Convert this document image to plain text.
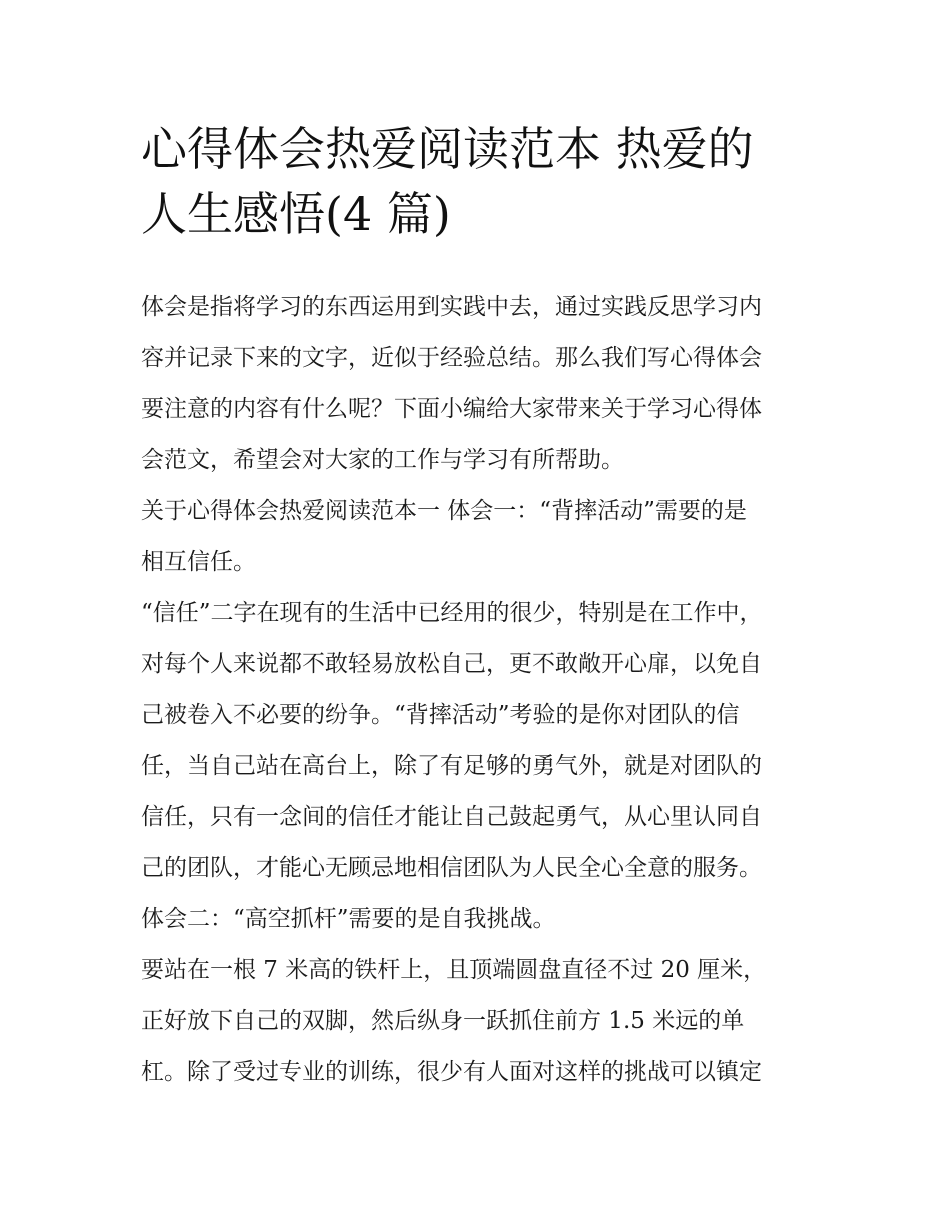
心得体会热爱阅读范本 热爱的
人生感悟(4 篇)
体会是指将学习的东西运用到实践中去，通过实践反思学习内
容并记录下来的文字，近似于经验总结。那么我们写心得体会
要注意的内容有什么呢？下面小编给大家带来关于学习心得体
会范文，希望会对大家的工作与学习有所帮助。
关于心得体会热爱阅读范本一 体会一：“背摔活动”需要的是
相互信任。
“信任”二字在现有的生活中已经用的很少，特别是在工作中，
对每个人来说都不敢轻易放松自己，更不敢敞开心扉，以免自
己被卷入不必要的纷争。“背摔活动”考验的是你对团队的信
任，当自己站在高台上，除了有足够的勇气外，就是对团队的
信任，只有一念间的信任才能让自己鼓起勇气，从心里认同自
己的团队，才能心无顾忌地相信团队为人民全心全意的服务。
体会二：“高空抓杆”需要的是自我挑战。
要站在一根 7 米高的铁杆上，且顶端圆盘直径不过 20 厘米，
正好放下自己的双脚，然后纵身一跃抓住前方 1.5 米远的单
杠。除了受过专业的训练，很少有人面对这样的挑战可以镇定
